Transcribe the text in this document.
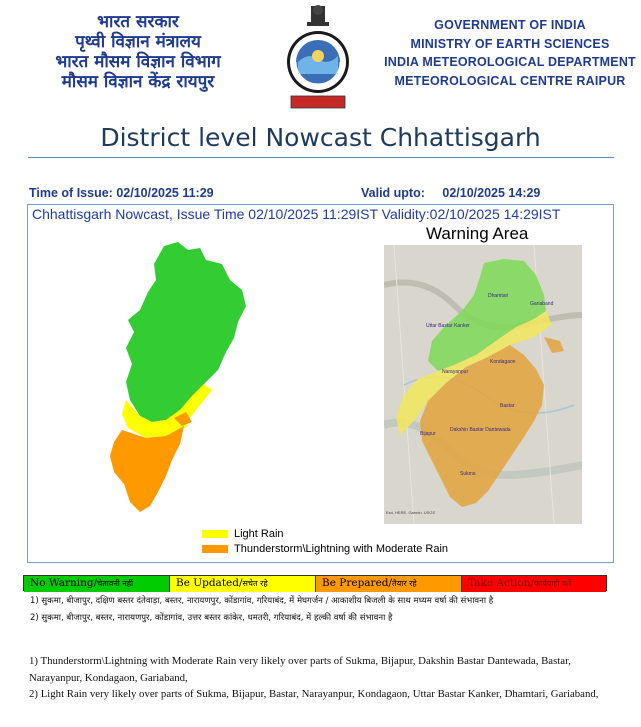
भारत सरकार
पृथ्वी विज्ञान मंत्रालय
भारत मौसम विज्ञान विभाग
मौसम विज्ञान केंद्र रायपुर
GOVERNMENT OF INDIA
MINISTRY OF EARTH SCIENCES
INDIA METEOROLOGICAL DEPARTMENT
METEOROLOGICAL CENTRE RAIPUR
District level Nowcast Chhattisgarh
Time of Issue: 02/10/2025 11:29	Valid upto: 02/10/2025 14:29
Chhattisgarh Nowcast, Issue Time 02/10/2025 11:29IST Validity:02/10/2025 14:29IST
Warning Area
Dhamtari
Gariaband
Uttar Bastar Kanker
Kondagaon
Narayanpur
Bastar
Bijapur
Dakshin Bastar Dantewada
Sukma
Esri, HERE, Garmin, USGS
Light Rain
Thunderstorm\Lightning with Moderate Rain
No Warning/चेतावनी नहीं	Be Updated/सचेत रहे	Be Prepared/तैयार रहे	Take Action/कार्यवाही करें
1) सुकमा, बीजापुर, दक्षिण बस्तर दंतेवाड़ा, बस्तर, नारायणपुर, कोंडागांव, गरियाबंद, में मेघगर्जन / आकाशीय बिजली के साथ मध्यम वर्षा की संभावना है
2) सुकमा, बीजापुर, बस्तर, नारायणपुर, कोंडागांव, उत्तर बस्तर कांकेर, धमतरी, गरियाबंद, में हल्की वर्षा की संभावना है
1) Thunderstorm\Lightning with Moderate Rain very likely over parts of Sukma, Bijapur, Dakshin Bastar Dantewada, Bastar, Narayanpur, Kondagaon, Gariaband,
2) Light Rain very likely over parts of Sukma, Bijapur, Bastar, Narayanpur, Kondagaon, Uttar Bastar Kanker, Dhamtari, Gariaband,
